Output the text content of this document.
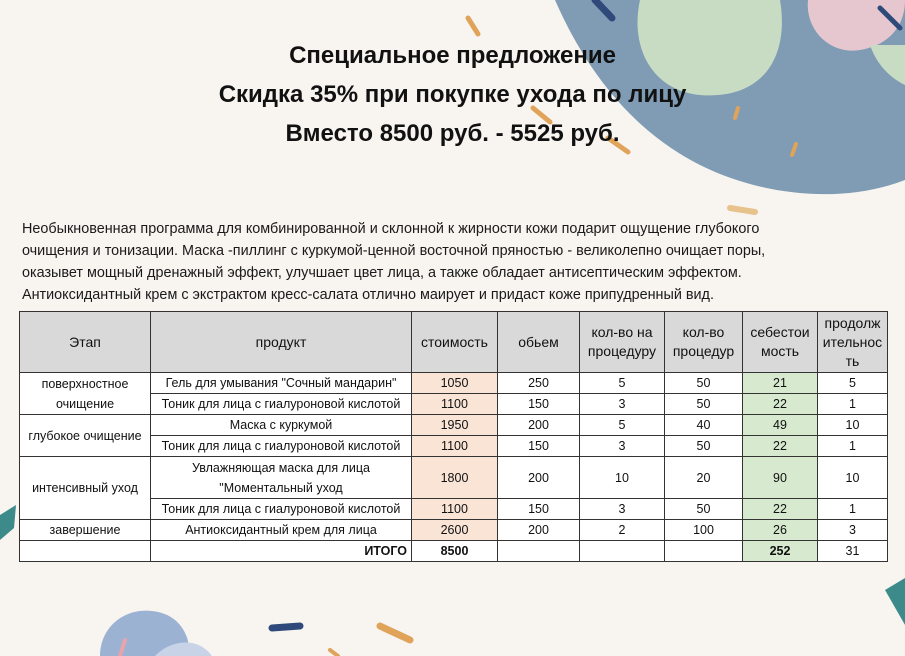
Специальное предложение
Скидка 35% при покупке ухода по лицу
Вместо 8500 руб. - 5525 руб.

Необыкновенная программа для комбинированной и склонной к жирности кожи подарит ощущение глубокого

очищения и тонизации. Маска -пиллинг с куркумой-ценной восточной пряностью - великолепно очищает поры,

оказывет мощный дренажный эффект, улучшает цвет лица, а также обладает антисептическим эффектом.

Антиоксидантный крем с экстрактом кресс-салата отлично маирует и придаст коже припудренный вид.

Этап	продукт	стоимость	обьем	кол-во на процедуру	кол-во процедур	себестои мость	продолж ительнос ть
поверхностное очищение	Гель для умывания "Сочный мандарин"	1050	250	5	50	21	5
	Тоник для лица с гиалуроновой кислотой	1100	150	3	50	22	1
глубокое очищение	Маска с куркумой	1950	200	5	40	49	10
	Тоник для лица с гиалуроновой кислотой	1100	150	3	50	22	1
интенсивный уход	Увлажняющая маска для лица "Моментальный уход	1800	200	10	20	90	10
	Тоник для лица с гиалуроновой кислотой	1100	150	3	50	22	1
завершение	Антиоксидантный крем для лица	2600	200	2	100	26	3
	ИТОГО	8500				252	31
